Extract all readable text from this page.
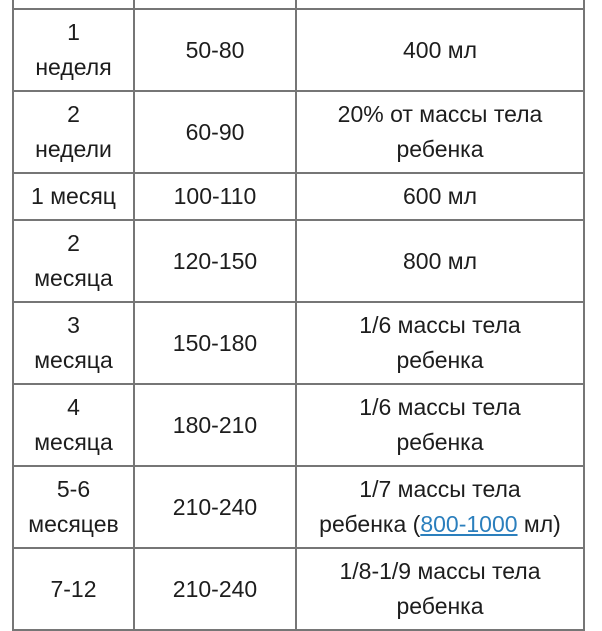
1
неделя	50-80	400 мл

2
недели	60-90	20% от массы тела
ребенка

1 месяц	100-110	600 мл

2
месяца	120-150	800 мл

3
месяца	150-180	1/6 массы тела
ребенка

4
месяца	180-210	1/6 массы тела
ребенка

5-6
месяцев	210-240	1/7 массы тела
ребенка (800-1000 мл)

7-12	210-240	1/8-1/9 массы тела
ребенка
